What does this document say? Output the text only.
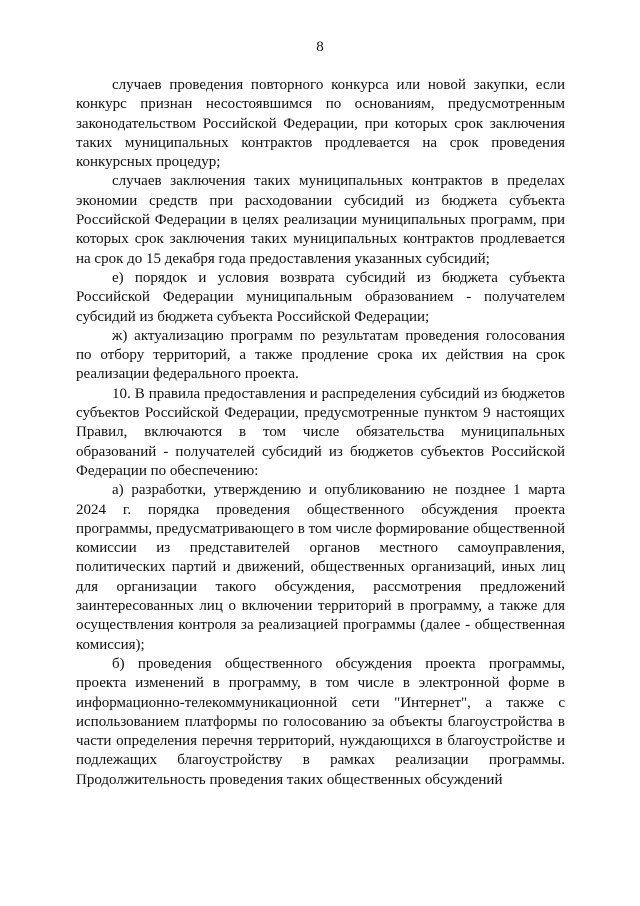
8

случаев проведения повторного конкурса или новой закупки, если конкурс признан несостоявшимся по основаниям, предусмотренным законодательством Российской Федерации, при которых срок заключения таких муниципальных контрактов продлевается на срок проведения конкурсных процедур;

случаев заключения таких муниципальных контрактов в пределах экономии средств при расходовании субсидий из бюджета субъекта Российской Федерации в целях реализации муниципальных программ, при которых срок заключения таких муниципальных контрактов продлевается на срок до 15 декабря года предоставления указанных субсидий;

е) порядок и условия возврата субсидий из бюджета субъекта Российской Федерации муниципальным образованием - получателем субсидий из бюджета субъекта Российской Федерации;

ж) актуализацию программ по результатам проведения голосования по отбору территорий, а также продление срока их действия на срок реализации федерального проекта.

10. В правила предоставления и распределения субсидий из бюджетов субъектов Российской Федерации, предусмотренные пунктом 9 настоящих Правил, включаются в том числе обязательства муниципальных образований - получателей субсидий из бюджетов субъектов Российской Федерации по обеспечению:

а) разработки, утверждению и опубликованию не позднее 1 марта 2024 г. порядка проведения общественного обсуждения проекта программы, предусматривающего в том числе формирование общественной комиссии из представителей органов местного самоуправления, политических партий и движений, общественных организаций, иных лиц для организации такого обсуждения, рассмотрения предложений заинтересованных лиц о включении территорий в программу, а также для осуществления контроля за реализацией программы (далее - общественная комиссия);

б) проведения общественного обсуждения проекта программы, проекта изменений в программу, в том числе в электронной форме в информационно-телекоммуникационной сети "Интернет", а также с использованием платформы по голосованию за объекты благоустройства в части определения перечня территорий, нуждающихся в благоустройстве и подлежащих благоустройству в рамках реализации программы. Продолжительность проведения таких общественных обсуждений
